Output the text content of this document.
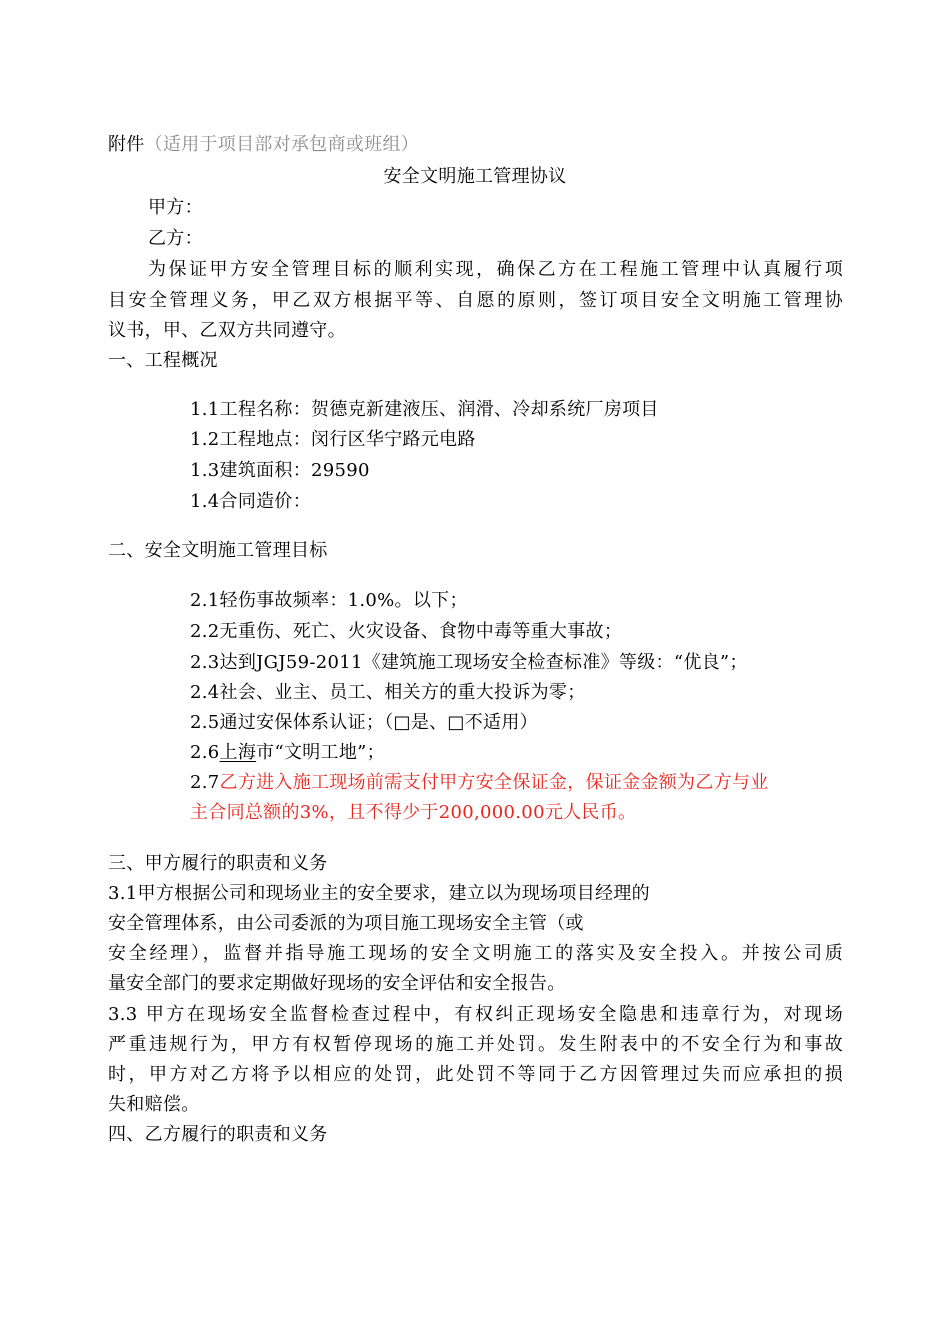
附件（适用于项目部对承包商或班组）
安全文明施工管理协议
甲方：
乙方：
为保证甲方安全管理目标的顺利实现，确保乙方在工程施工管理中认真履行项
目安全管理义务，甲乙双方根据平等、自愿的原则，签订项目安全文明施工管理协
议书，甲、乙双方共同遵守。
一、工程概况
1.1工程名称：贺德克新建液压、润滑、冷却系统厂房项目
1.2工程地点：闵行区华宁路元电路
1.3建筑面积：29590
1.4合同造价：
二、安全文明施工管理目标
2.1轻伤事故频率：1.0%。以下；
2.2无重伤、死亡、火灾设备、食物中毒等重大事故；
2.3达到JGJ59-2011《建筑施工现场安全检查标准》等级：“优良”；
2.4社会、业主、员工、相关方的重大投诉为零；
2.5通过安保体系认证；（□是、□不适用）
2.6上海市“文明工地”；
2.7乙方进入施工现场前需支付甲方安全保证金，保证金金额为乙方与业
主合同总额的3%，且不得少于200,000.00元人民币。
三、甲方履行的职责和义务
3.1甲方根据公司和现场业主的安全要求，建立以为现场项目经理的
安全管理体系，由公司委派的为项目施工现场安全主管（或
安全经理），监督并指导施工现场的安全文明施工的落实及安全投入。并按公司质
量安全部门的要求定期做好现场的安全评估和安全报告。
3.3 甲方在现场安全监督检查过程中，有权纠正现场安全隐患和违章行为，对现场
严重违规行为，甲方有权暂停现场的施工并处罚。发生附表中的不安全行为和事故
时，甲方对乙方将予以相应的处罚，此处罚不等同于乙方因管理过失而应承担的损
失和赔偿。
四、乙方履行的职责和义务
